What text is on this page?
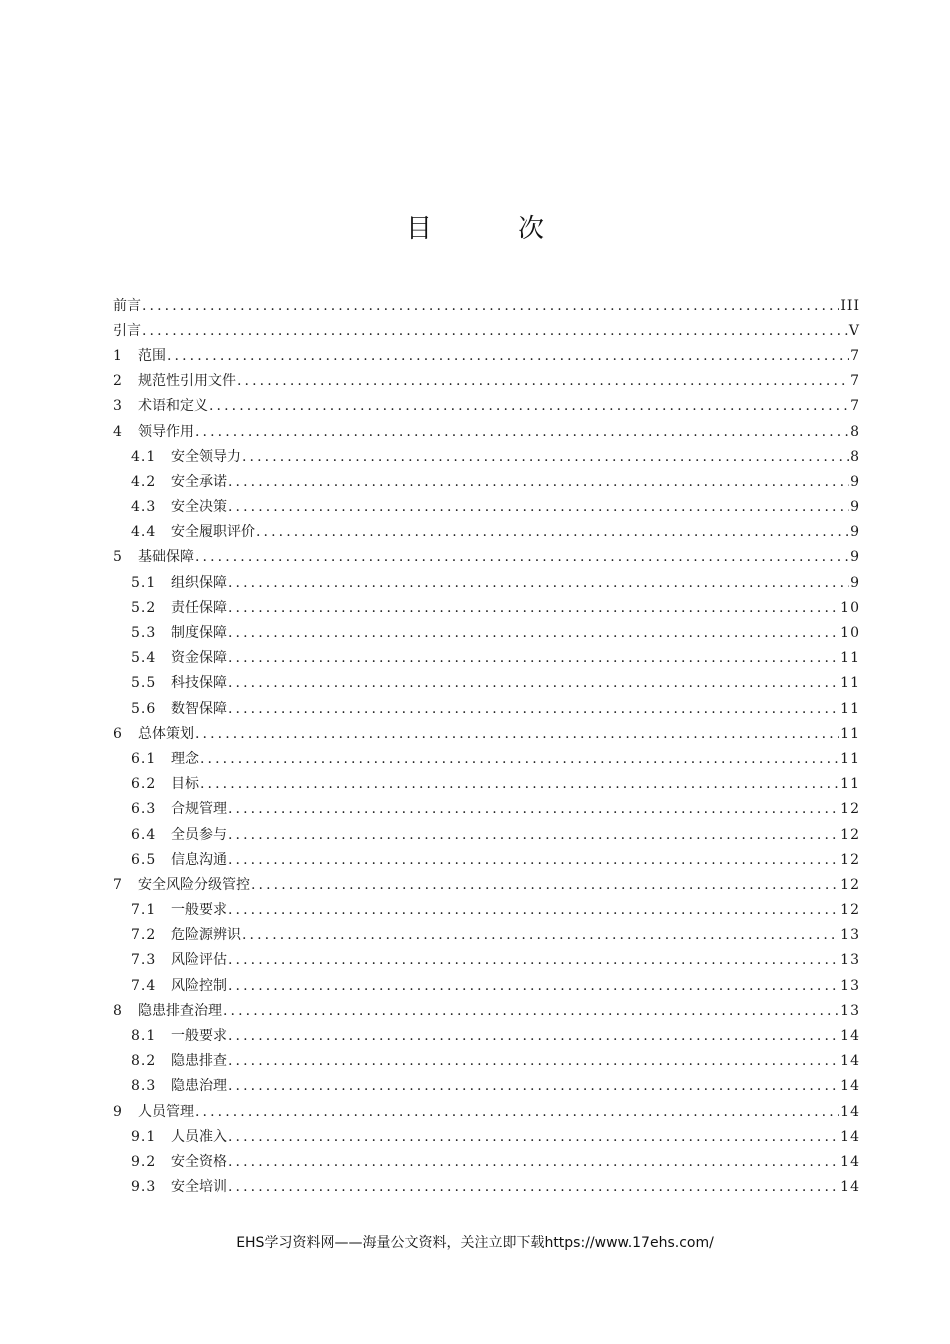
目　次
前言 .....	III
引言 .....	V
1	范围 .....	7
2	规范性引用文件 .....	7
3	术语和定义 .....	7
4	领导作用 .....	8
4.1	安全领导力 .....	8
4.2	安全承诺 .....	9
4.3	安全决策 .....	9
4.4	安全履职评价 .....	9
5	基础保障 .....	9
5.1	组织保障 .....	9
5.2	责任保障 .....	10
5.3	制度保障 .....	10
5.4	资金保障 .....	11
5.5	科技保障 .....	11
5.6	数智保障 .....	11
6	总体策划 .....	11
6.1	理念 .....	11
6.2	目标 .....	11
6.3	合规管理 .....	12
6.4	全员参与 .....	12
6.5	信息沟通 .....	12
7	安全风险分级管控 .....	12
7.1	一般要求 .....	12
7.2	危险源辨识 .....	13
7.3	风险评估 .....	13
7.4	风险控制 .....	13
8	隐患排查治理 .....	13
8.1	一般要求 .....	14
8.2	隐患排查 .....	14
8.3	隐患治理 .....	14
9	人员管理 .....	14
9.1	人员准入 .....	14
9.2	安全资格 .....	14
9.3	安全培训 .....	14
EHS学习资料网——海量公文资料，关注立即下载https://www.17ehs.com/
